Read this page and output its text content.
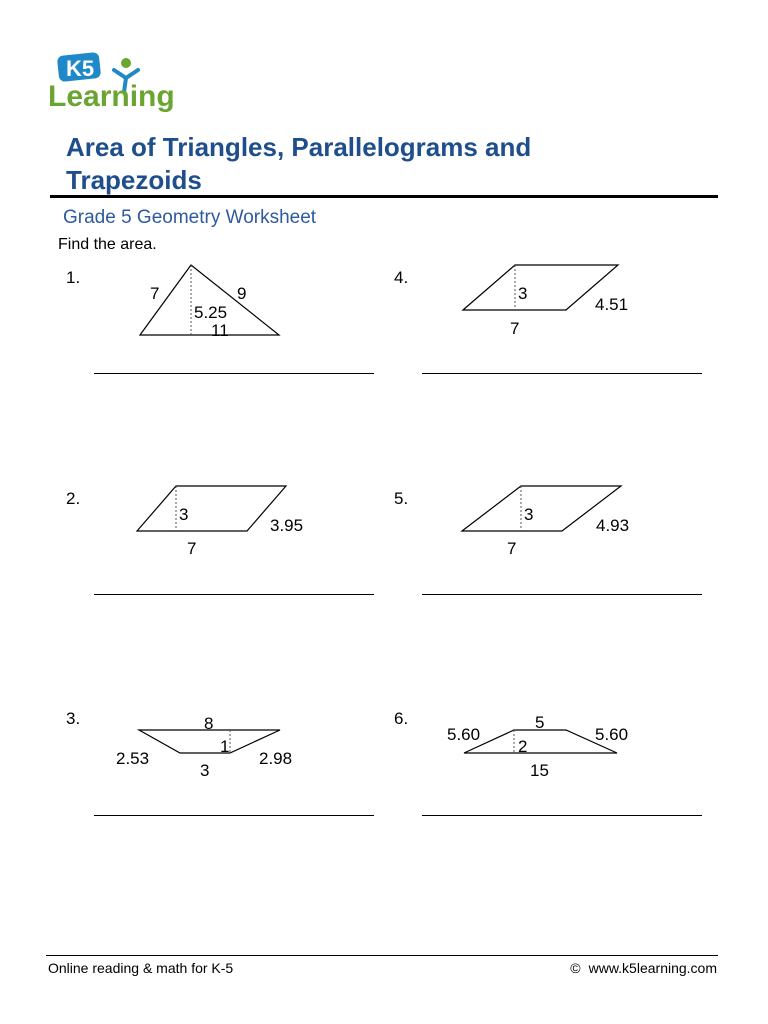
K5
Learning
Area of Triangles, Parallelograms and Trapezoids
Grade 5 Geometry Worksheet
Find the area.
1.
7	9
5.25
11
2.
3
3.95
7
3.	8
1
2.53	2.98
3
4.
3
4.51
7
5.
3
4.93
7
6.
5.60
5
5.60
2
15
Online reading & math for K-5	© www.k5learning.com
